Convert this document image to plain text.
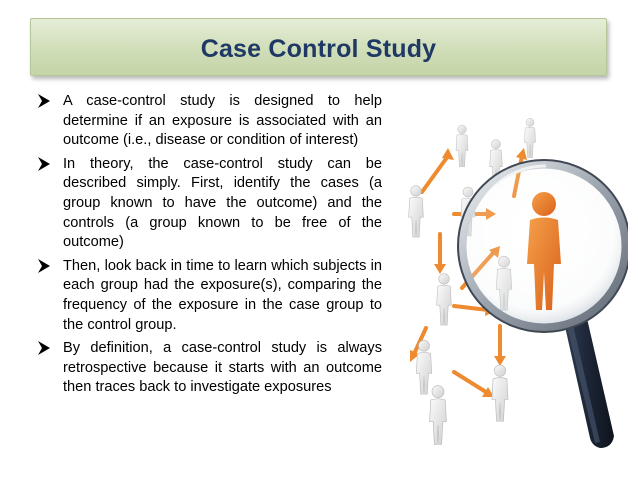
Case Control Study
A case-control study is designed to help determine if an exposure is associated with an outcome (i.e., disease or condition of interest)
In theory, the case-control study can be described simply. First, identify the cases (a group known to have the outcome) and the controls (a group known to be free of the outcome)
Then, look back in time to learn which subjects in each group had the exposure(s), comparing the frequency of the exposure in the case group to the control group.
By definition, a case-control study is always retrospective because it starts with an outcome then traces back to investigate exposures
